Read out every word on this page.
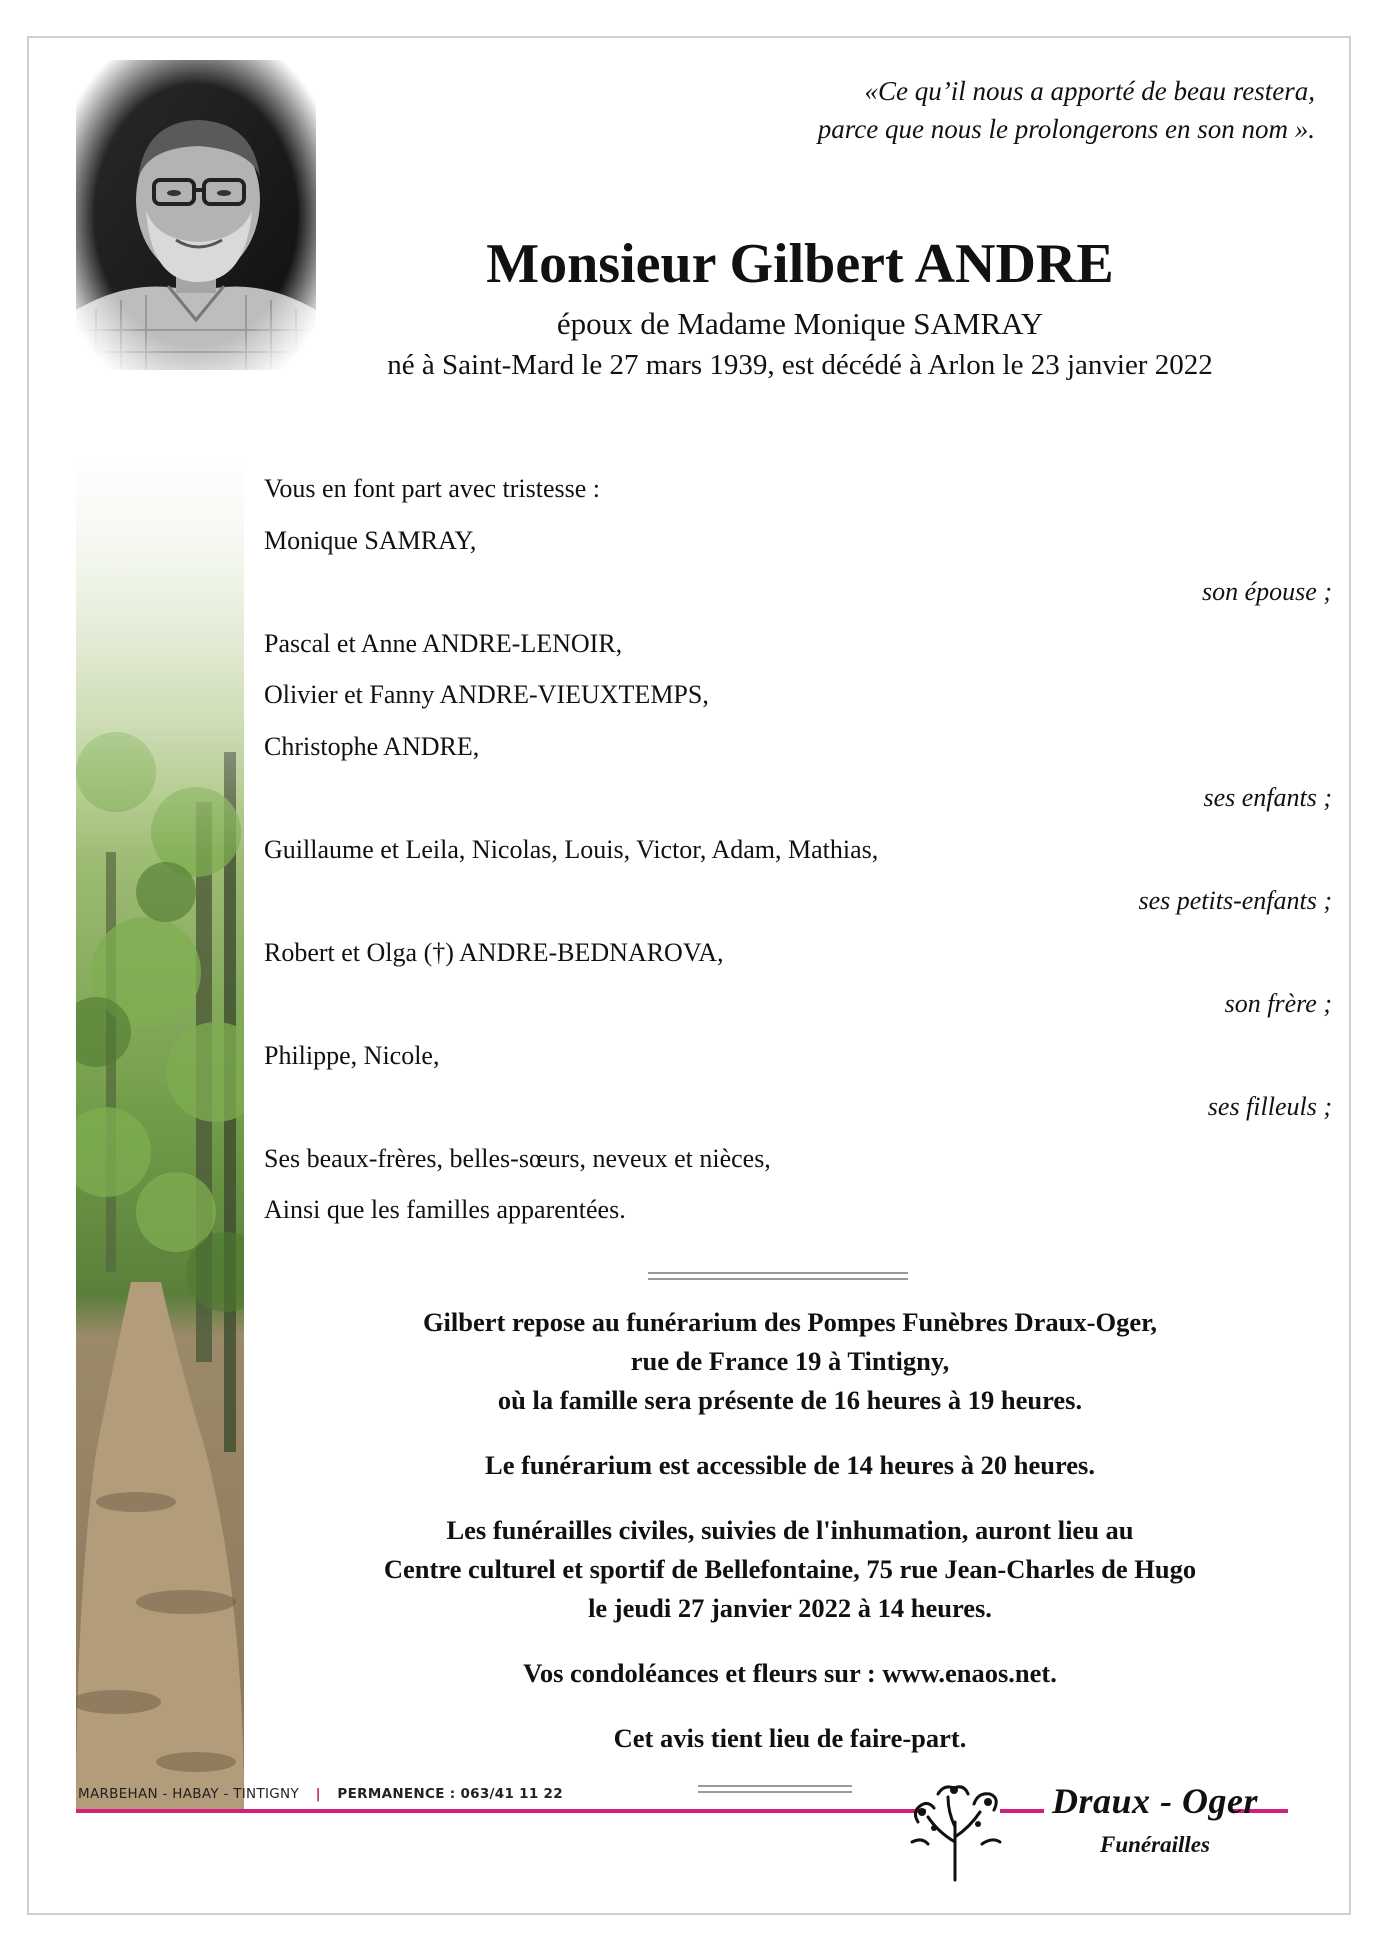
«Ce qu’il nous a apporté de beau restera,
parce que nous le prolongerons en son nom ».
Monsieur Gilbert ANDRE
époux de Madame Monique SAMRAY
né à Saint-Mard le 27 mars 1939, est décédé à Arlon le 23 janvier 2022
Vous en font part avec tristesse :
Monique SAMRAY,
son épouse ;
Pascal et Anne ANDRE-LENOIR,
Olivier et Fanny ANDRE-VIEUXTEMPS,
Christophe ANDRE,
ses enfants ;
Guillaume et Leila, Nicolas, Louis, Victor, Adam, Mathias,
ses petits-enfants ;
Robert et Olga (†) ANDRE-BEDNAROVA,
son frère ;
Philippe, Nicole,
ses filleuls ;
Ses beaux-frères, belles-sœurs, neveux et nièces,
Ainsi que les familles apparentées.
Gilbert repose au funérarium des Pompes Funèbres Draux-Oger,
rue de France 19 à Tintigny,
où la famille sera présente de 16 heures à 19 heures.
Le funérarium est accessible de 14 heures à 20 heures.
Les funérailles civiles, suivies de l'inhumation, auront lieu au
Centre culturel et sportif de Bellefontaine, 75 rue Jean-Charles de Hugo
le jeudi 27 janvier 2022 à 14 heures.
Vos condoléances et fleurs sur : www.enaos.net.
Cet avis tient lieu de faire-part.
MARBEHAN - HABAY - TINTIGNY | PERMANENCE : 063/41 11 22	Draux - Oger
Funérailles
